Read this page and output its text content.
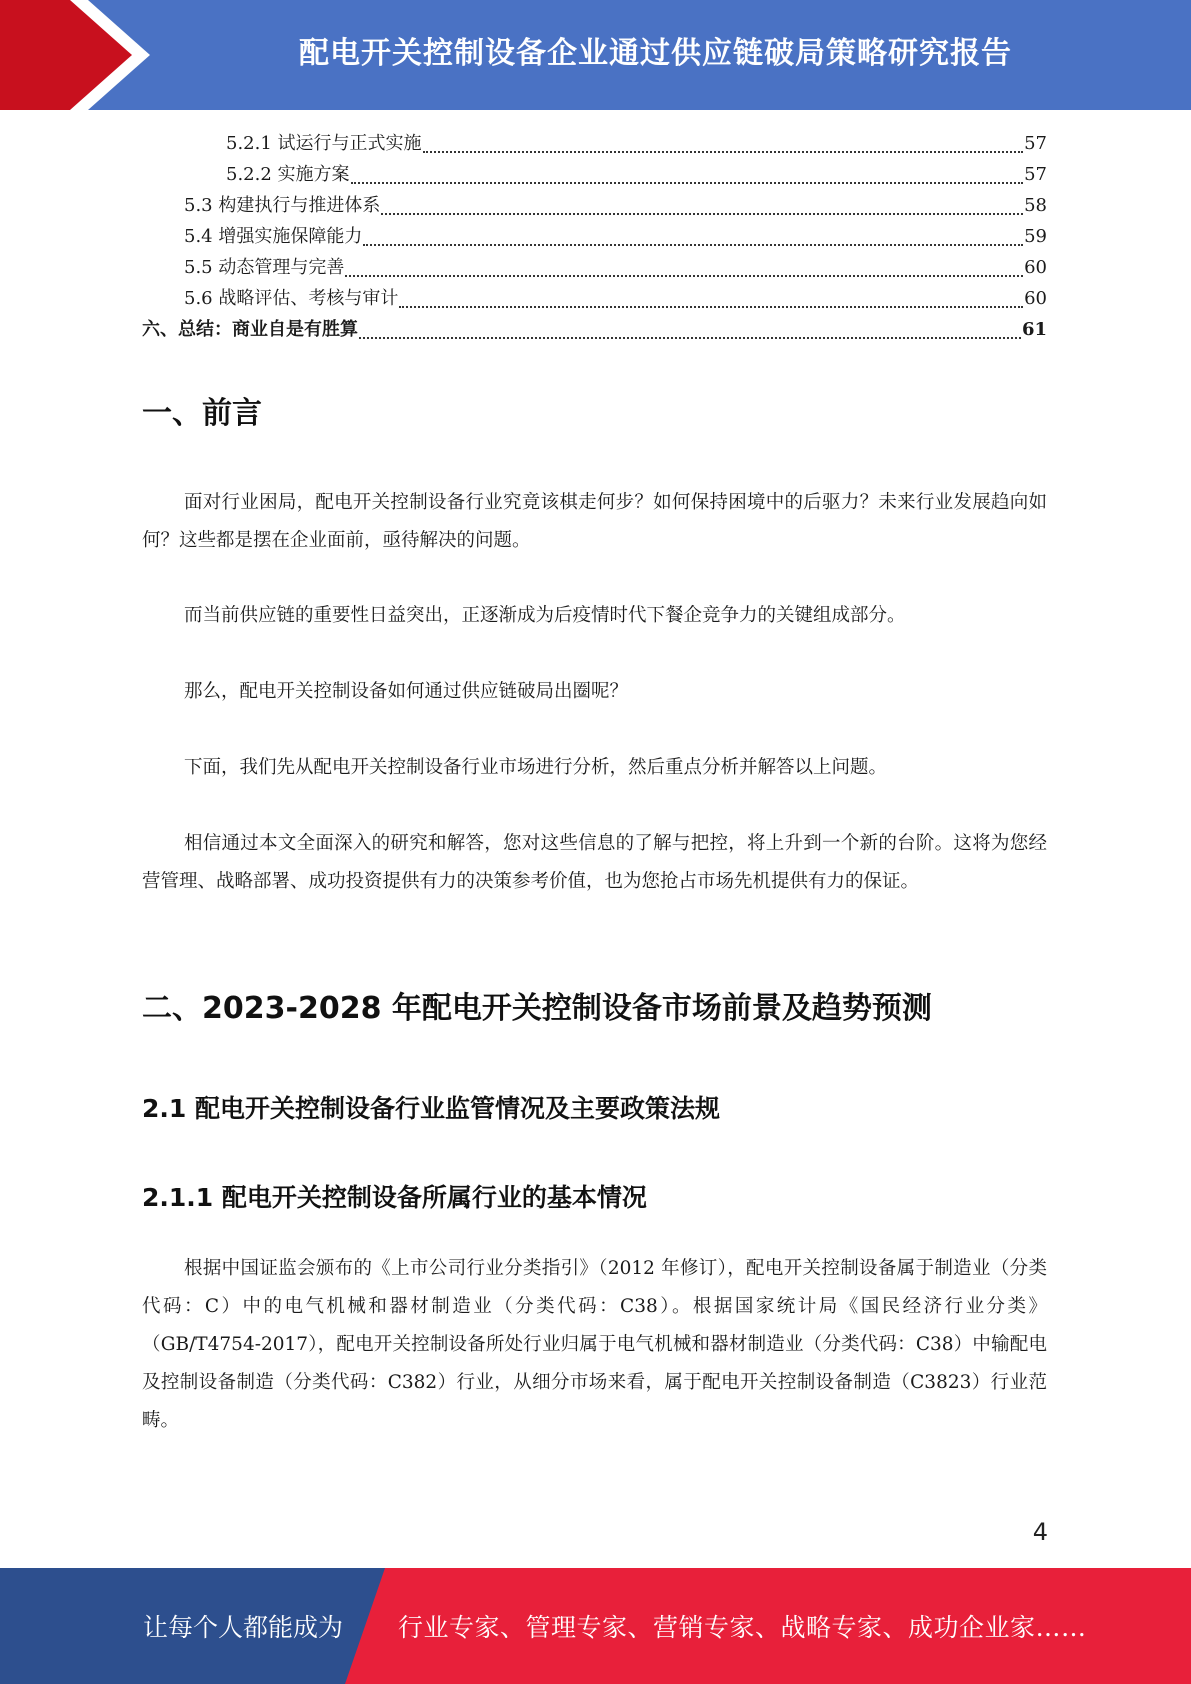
配电开关控制设备企业通过供应链破局策略研究报告
5.2.1 试运行与正式实施	57
5.2.2 实施方案	57
5.3 构建执行与推进体系	58
5.4 增强实施保障能力	59
5.5 动态管理与完善	60
5.6 战略评估、考核与审计	60
六、总结：商业自是有胜算	61
一、前言

面对行业困局，配电开关控制设备行业究竟该棋走何步？如何保持困境中的后驱力？未来行业发展趋向如何？这些都是摆在企业面前，亟待解决的问题。

而当前供应链的重要性日益突出，正逐渐成为后疫情时代下餐企竞争力的关键组成部分。

那么，配电开关控制设备如何通过供应链破局出圈呢？

下面，我们先从配电开关控制设备行业市场进行分析，然后重点分析并解答以上问题。

相信通过本文全面深入的研究和解答，您对这些信息的了解与把控，将上升到一个新的台阶。这将为您经营管理、战略部署、成功投资提供有力的决策参考价值，也为您抢占市场先机提供有力的保证。

二、2023-2028 年配电开关控制设备市场前景及趋势预测
2.1 配电开关控制设备行业监管情况及主要政策法规
2.1.1 配电开关控制设备所属行业的基本情况

根据中国证监会颁布的《上市公司行业分类指引》（2012 年修订），配电开关控制设备属于制造业（分类代码：C）中的电气机械和器材制造业（分类代码：C38）。根据国家统计局《国民经济行业分类》（GB/T4754-2017），配电开关控制设备所处行业归属于电气机械和器材制造业（分类代码：C38）中输配电及控制设备制造（分类代码：C382）行业，从细分市场来看，属于配电开关控制设备制造（C3823）行业范畴。

4
让每个人都能成为 行业专家、管理专家、营销专家、战略专家、成功企业家……
